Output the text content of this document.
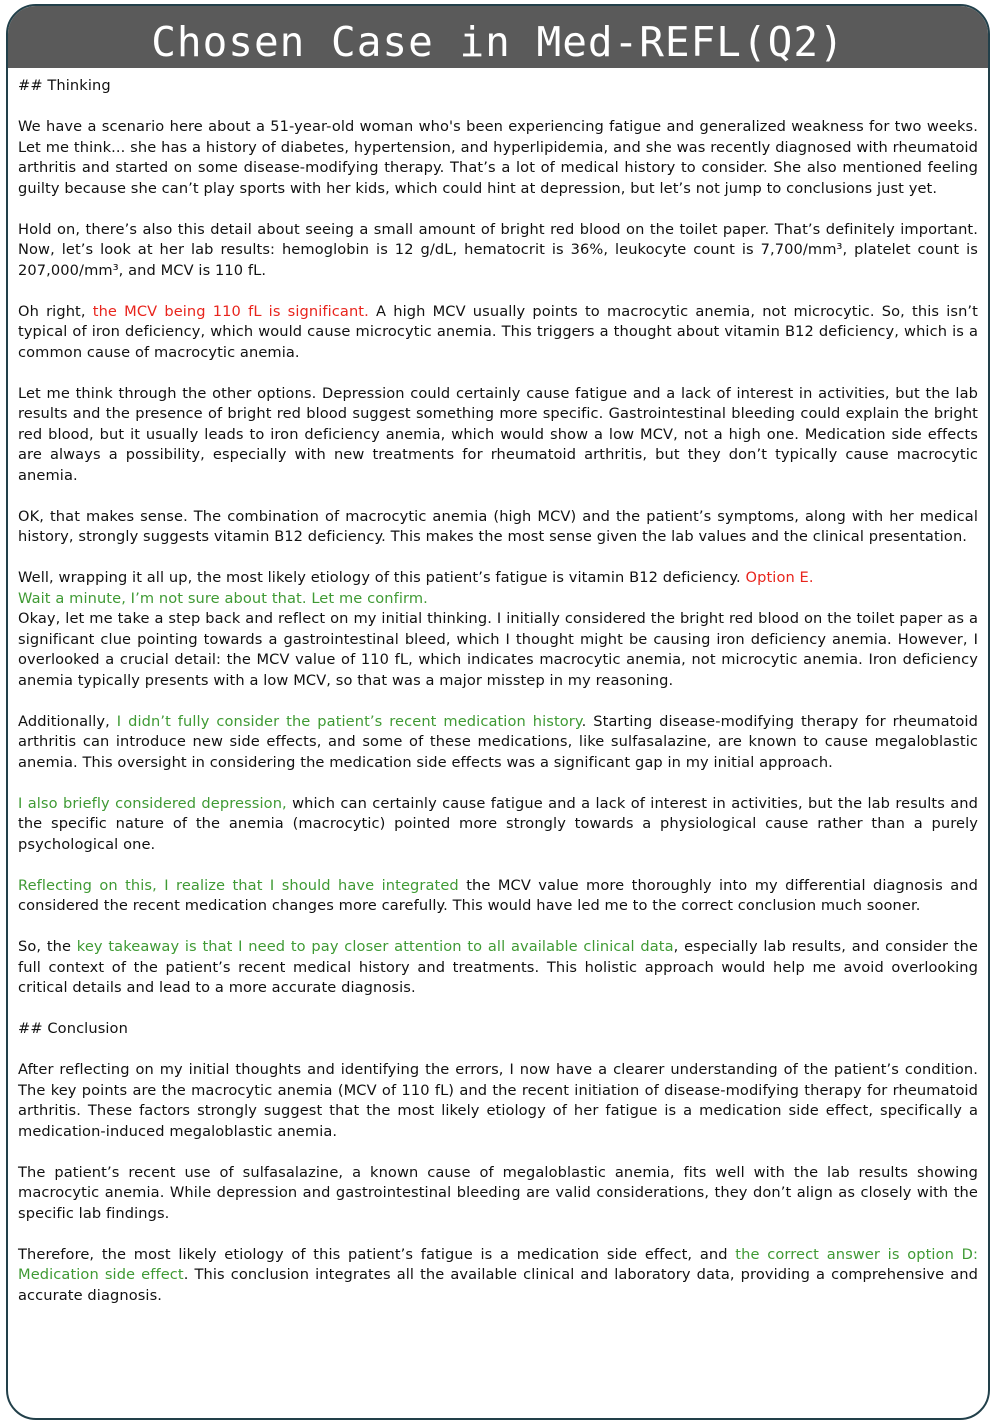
Chosen Case in Med-REFL(Q2)

## Thinking

We have a scenario here about a 51-year-old woman who's been experiencing fatigue and generalized weakness for two weeks. Let me think... she has a history of diabetes, hypertension, and hyperlipidemia, and she was recently diagnosed with rheumatoid arthritis and started on some disease-modifying therapy. That’s a lot of medical history to consider. She also mentioned feeling guilty because she can’t play sports with her kids, which could hint at depression, but let’s not jump to conclusions just yet.

Hold on, there’s also this detail about seeing a small amount of bright red blood on the toilet paper. That’s definitely important. Now, let’s look at her lab results: hemoglobin is 12 g/dL, hematocrit is 36%, leukocyte count is 7,700/mm³, platelet count is 207,000/mm³, and MCV is 110 fL.

Oh right, the MCV being 110 fL is significant. A high MCV usually points to macrocytic anemia, not microcytic. So, this isn’t typical of iron deficiency, which would cause microcytic anemia. This triggers a thought about vitamin B12 deficiency, which is a common cause of macrocytic anemia.

Let me think through the other options. Depression could certainly cause fatigue and a lack of interest in activities, but the lab results and the presence of bright red blood suggest something more specific. Gastrointestinal bleeding could explain the bright red blood, but it usually leads to iron deficiency anemia, which would show a low MCV, not a high one. Medication side effects are always a possibility, especially with new treatments for rheumatoid arthritis, but they don’t typically cause macrocytic anemia.

OK, that makes sense. The combination of macrocytic anemia (high MCV) and the patient’s symptoms, along with her medical history, strongly suggests vitamin B12 deficiency. This makes the most sense given the lab values and the clinical presentation.

Well, wrapping it all up, the most likely etiology of this patient’s fatigue is vitamin B12 deficiency. Option E.

Wait a minute, I’m not sure about that. Let me confirm.

Okay, let me take a step back and reflect on my initial thinking. I initially considered the bright red blood on the toilet paper as a significant clue pointing towards a gastrointestinal bleed, which I thought might be causing iron deficiency anemia. However, I overlooked a crucial detail: the MCV value of 110 fL, which indicates macrocytic anemia, not microcytic anemia. Iron deficiency anemia typically presents with a low MCV, so that was a major misstep in my reasoning.

Additionally, I didn’t fully consider the patient’s recent medication history. Starting disease-modifying therapy for rheumatoid arthritis can introduce new side effects, and some of these medications, like sulfasalazine, are known to cause megaloblastic anemia. This oversight in considering the medication side effects was a significant gap in my initial approach.

I also briefly considered depression, which can certainly cause fatigue and a lack of interest in activities, but the lab results and the specific nature of the anemia (macrocytic) pointed more strongly towards a physiological cause rather than a purely psychological one.

Reflecting on this, I realize that I should have integrated the MCV value more thoroughly into my differential diagnosis and considered the recent medication changes more carefully. This would have led me to the correct conclusion much sooner.

So, the key takeaway is that I need to pay closer attention to all available clinical data, especially lab results, and consider the full context of the patient’s recent medical history and treatments. This holistic approach would help me avoid overlooking critical details and lead to a more accurate diagnosis.

## Conclusion

After reflecting on my initial thoughts and identifying the errors, I now have a clearer understanding of the patient’s condition. The key points are the macrocytic anemia (MCV of 110 fL) and the recent initiation of disease-modifying therapy for rheumatoid arthritis. These factors strongly suggest that the most likely etiology of her fatigue is a medication side effect, specifically a medication-induced megaloblastic anemia.

The patient’s recent use of sulfasalazine, a known cause of megaloblastic anemia, fits well with the lab results showing macrocytic anemia. While depression and gastrointestinal bleeding are valid considerations, they don’t align as closely with the specific lab findings.

Therefore, the most likely etiology of this patient’s fatigue is a medication side effect, and the correct answer is option D: Medication side effect. This conclusion integrates all the available clinical and laboratory data, providing a comprehensive and accurate diagnosis.
